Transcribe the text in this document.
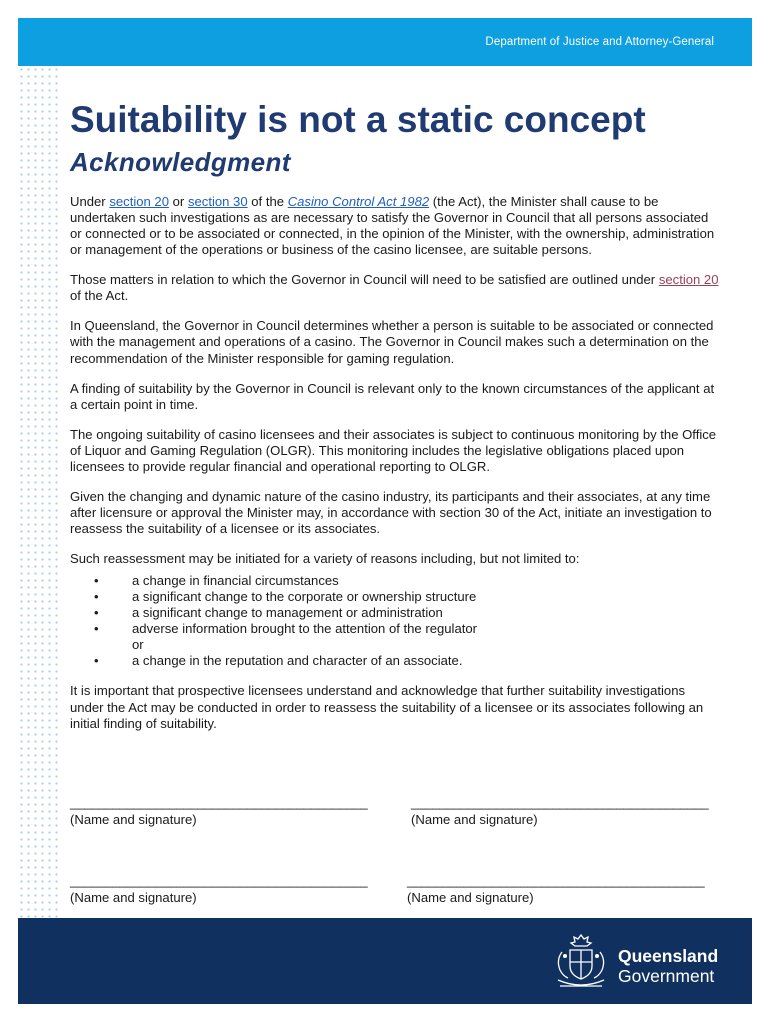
Department of Justice and Attorney-General
Suitability is not a static concept
Acknowledgment

Under section 20 or section 30 of the Casino Control Act 1982 (the Act), the Minister shall cause to be undertaken such investigations as are necessary to satisfy the Governor in Council that all persons associated or connected or to be associated or connected, in the opinion of the Minister, with the ownership, administration or management of the operations or business of the casino licensee, are suitable persons.

Those matters in relation to which the Governor in Council will need to be satisfied are outlined under section 20 of the Act.

In Queensland, the Governor in Council determines whether a person is suitable to be associated or connected with the management and operations of a casino. The Governor in Council makes such a determination on the recommendation of the Minister responsible for gaming regulation.

A finding of suitability by the Governor in Council is relevant only to the known circumstances of the applicant at a certain point in time.

The ongoing suitability of casino licensees and their associates is subject to continuous monitoring by the Office of Liquor and Gaming Regulation (OLGR). This monitoring includes the legislative obligations placed upon licensees to provide regular financial and operational reporting to OLGR.

Given the changing and dynamic nature of the casino industry, its participants and their associates, at any time after licensure or approval the Minister may, in accordance with section 30 of the Act, initiate an investigation to reassess the suitability of a licensee or its associates.

Such reassessment may be initiated for a variety of reasons including, but not limited to:

•	a change in financial circumstances
•	a significant change to the corporate or ownership structure
•	a significant change to management or administration
•	adverse information brought to the attention of the regulator
or
•	a change in the reputation and character of an associate.

It is important that prospective licensees understand and acknowledge that further suitability investigations under the Act may be conducted in order to reassess the suitability of a licensee or its associates following an initial finding of suitability.

__________________________________________
(Name and signature)
__________________________________________
(Name and signature)
__________________________________________
(Name and signature)
__________________________________________
(Name and signature)
Queensland
Government
